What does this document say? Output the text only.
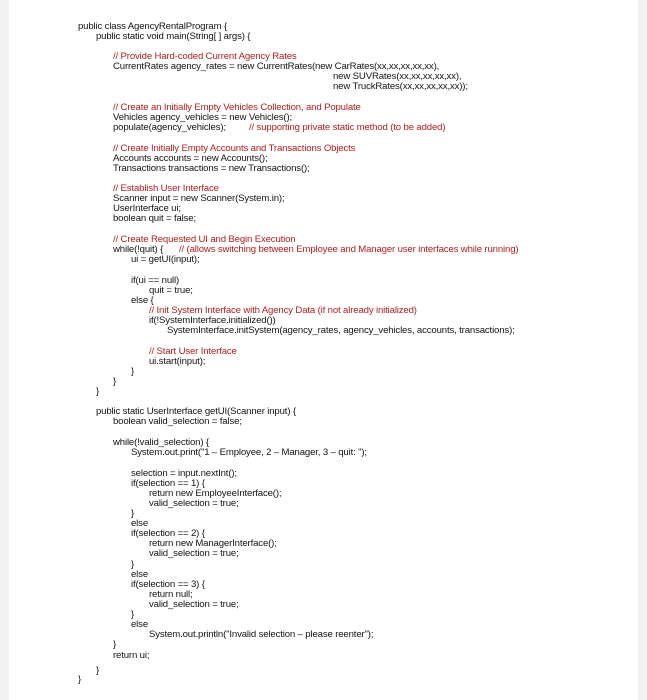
public class AgencyRentalProgram {
public static void main(String[ ] args) {
// Provide Hard-coded Current Agency Rates
CurrentRates agency_rates = new CurrentRates(new CarRates(xx,xx,xx,xx,xx),
new SUVRates(xx,xx,xx,xx,xx),
new TruckRates(xx,xx,xx,xx,xx));
// Create an Initially Empty Vehicles Collection, and Populate
Vehicles agency_vehicles = new Vehicles();
populate(agency_vehicles); // supporting private static method (to be added)
// Create Initially Empty Accounts and Transactions Objects
Accounts accounts = new Accounts();
Transactions transactions = new Transactions();
// Establish User Interface
Scanner input = new Scanner(System.in);
UserInterface ui;
boolean quit = false;
// Create Requested UI and Begin Execution
while(!quit) { // (allows switching between Employee and Manager user interfaces while running)
ui = getUI(input);
if(ui == null)
quit = true;
else {
// Init System Interface with Agency Data (if not already initialized)
if(!SystemInterface.initialized())
SystemInterface.initSystem(agency_rates, agency_vehicles, accounts, transactions);
// Start User Interface
ui.start(input);
}
}
}
public static UserInterface getUI(Scanner input) {
boolean valid_selection = false;
while(!valid_selection) {
System.out.print("1 – Employee, 2 – Manager, 3 – quit: ");
selection = input.nextInt();
if(selection == 1) {
return new EmployeeInterface();
valid_selection = true;
}
else
if(selection == 2) {
return new ManagerInterface();
valid_selection = true;
}
else
if(selection == 3) {
return null;
valid_selection = true;
}
else
System.out.println("Invalid selection – please reenter");
}
return ui;
}
}
